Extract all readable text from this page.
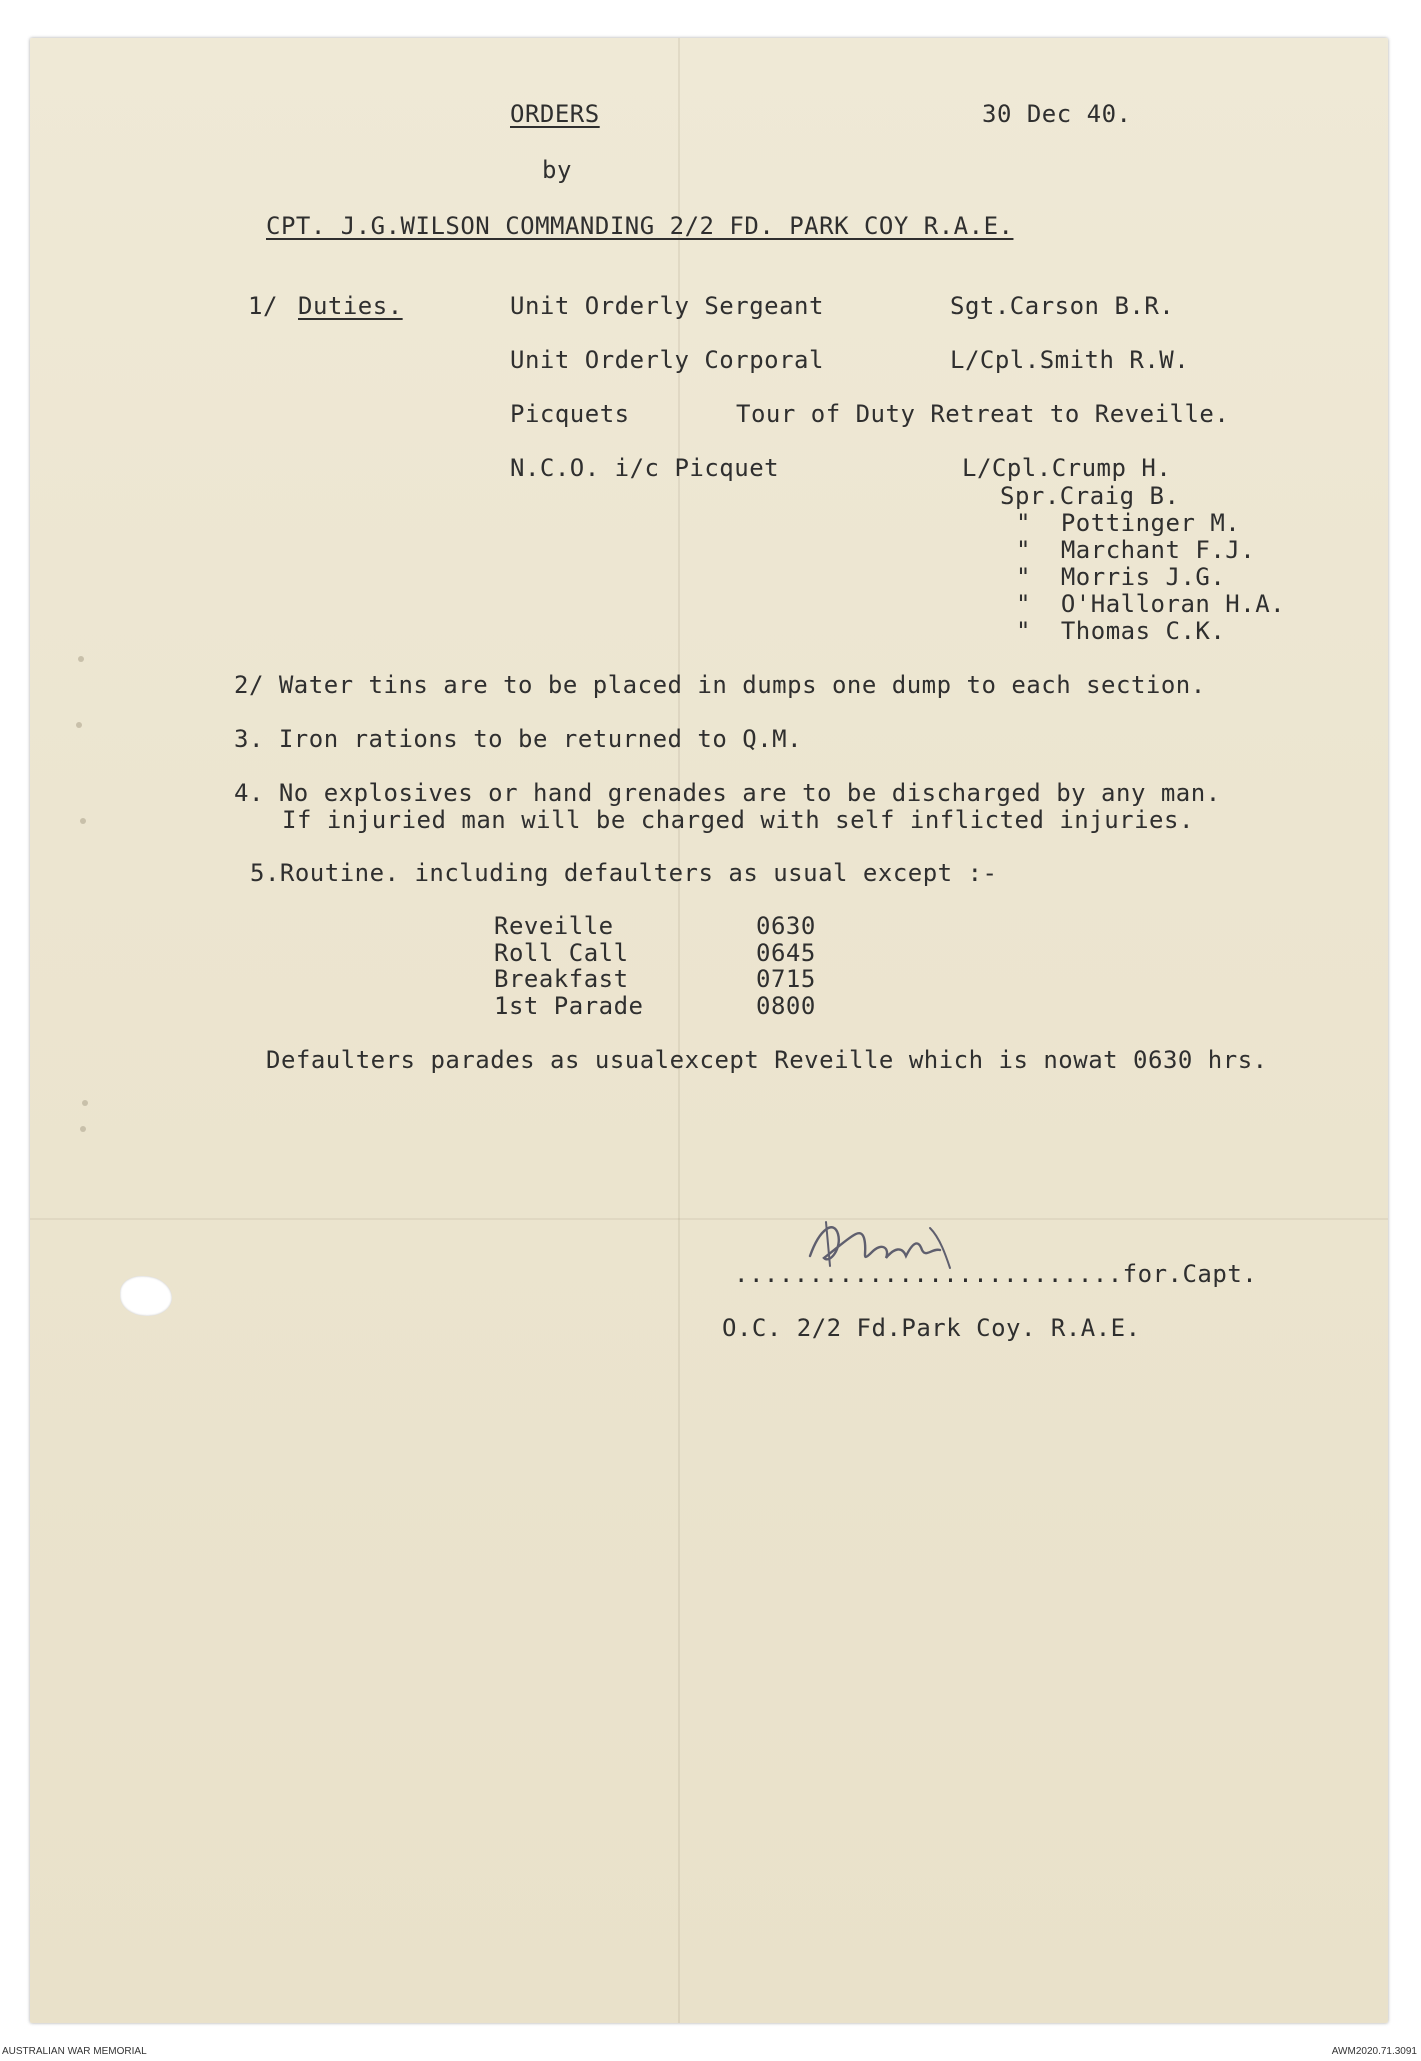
ORDERS	30 Dec 40.
by
CPT. J.G.WILSON COMMANDING 2/2 FD. PARK COY R.A.E.
1/ Duties.	Unit Orderly Sergeant	Sgt.Carson B.R.
Unit Orderly Corporal	L/Cpl.Smith R.W.
Picquets	Tour of Duty Retreat to Reveille.
N.C.O. i/c Picquet	L/Cpl.Crump H.
Spr.Craig B.
"  Pottinger M.
"  Marchant F.J.
"  Morris J.G.
"  O'Halloran H.A.
"  Thomas C.K.
2/ Water tins are to be placed in dumps one dump to each section.
3. Iron rations to be returned to Q.M.
4. No explosives or hand grenades are to be discharged by any man.
If injuried man will be charged with self inflicted injuries.
5.Routine. including defaulters as usual except :-
Reveille	0630
Roll Call	0645
Breakfast	0715
1st Parade	0800
Defaulters parades as usualexcept Reveille which is nowat 0630 hrs.
..........................for.Capt.
O.C. 2/2 Fd.Park Coy. R.A.E.
AUSTRALIAN WAR MEMORIAL	AWM2020.71.3091
